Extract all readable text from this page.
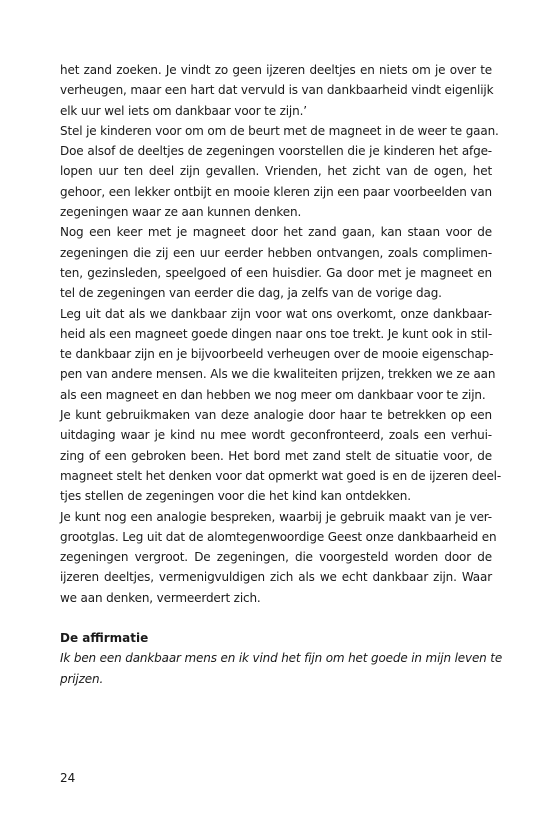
het zand zoeken. Je vindt zo geen ijzeren deeltjes en niets om je over te
verheugen, maar een hart dat vervuld is van dankbaarheid vindt eigenlijk
elk uur wel iets om dankbaar voor te zijn.’
Stel je kinderen voor om om de beurt met de magneet in de weer te gaan.
Doe alsof de deeltjes de zegeningen voorstellen die je kinderen het afge-
lopen uur ten deel zijn gevallen. Vrienden, het zicht van de ogen, het
gehoor, een lekker ontbijt en mooie kleren zijn een paar voorbeelden van
zegeningen waar ze aan kunnen denken.
Nog een keer met je magneet door het zand gaan, kan staan voor de
zegeningen die zij een uur eerder hebben ontvangen, zoals complimen-
ten, gezinsleden, speelgoed of een huisdier. Ga door met je magneet en
tel de zegeningen van eerder die dag, ja zelfs van de vorige dag.
Leg uit dat als we dankbaar zijn voor wat ons overkomt, onze dankbaar-
heid als een magneet goede dingen naar ons toe trekt. Je kunt ook in stil-
te dankbaar zijn en je bijvoorbeeld verheugen over de mooie eigenschap-
pen van andere mensen. Als we die kwaliteiten prijzen, trekken we ze aan
als een magneet en dan hebben we nog meer om dankbaar voor te zijn.
Je kunt gebruikmaken van deze analogie door haar te betrekken op een
uitdaging waar je kind nu mee wordt geconfronteerd, zoals een verhui-
zing of een gebroken been. Het bord met zand stelt de situatie voor, de
magneet stelt het denken voor dat opmerkt wat goed is en de ijzeren deel-
tjes stellen de zegeningen voor die het kind kan ontdekken.
Je kunt nog een analogie bespreken, waarbij je gebruik maakt van je ver-
grootglas. Leg uit dat de alomtegenwoordige Geest onze dankbaarheid en
zegeningen vergroot. De zegeningen, die voorgesteld worden door de
ijzeren deeltjes, vermenigvuldigen zich als we echt dankbaar zijn. Waar
we aan denken, vermeerdert zich.
De affirmatie
Ik ben een dankbaar mens en ik vind het fijn om het goede in mijn leven te
prijzen.
24
